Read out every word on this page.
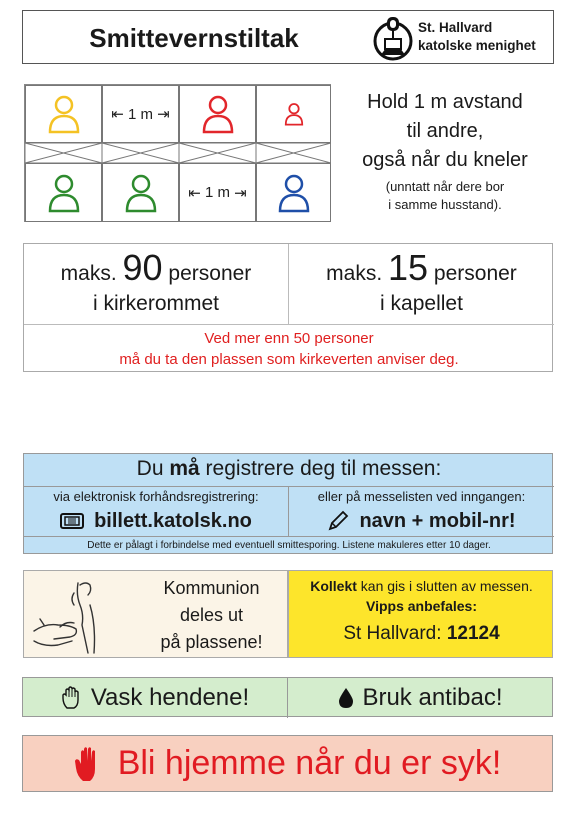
Smittevernstiltak	St. Hallvard
katolske menighet
⇤ 1 m ⇥
⇤ 1 m ⇥
Hold 1 m avstand
til andre,
også når du kneler
(unntatt når dere bor
i samme husstand).
maks. 90 personer
i kirkerommet
maks. 15 personer
i kapellet
Ved mer enn 50 personer
må du ta den plassen som kirkeverten anviser deg.
Du må registrere deg til messen:
via elektronisk forhåndsregistrering:
billett.katolsk.no
eller på messelisten ved inngangen:
navn + mobil-nr!
Dette er pålagt i forbindelse med eventuell smittesporing. Listene makuleres etter 10 dager.
Kommunion
deles ut
på plassene!
Kollekt kan gis i slutten av messen.
Vipps anbefales:
St Hallvard: 12124
Vask hendene!	Bruk antibac!
Bli hjemme når du er syk!
